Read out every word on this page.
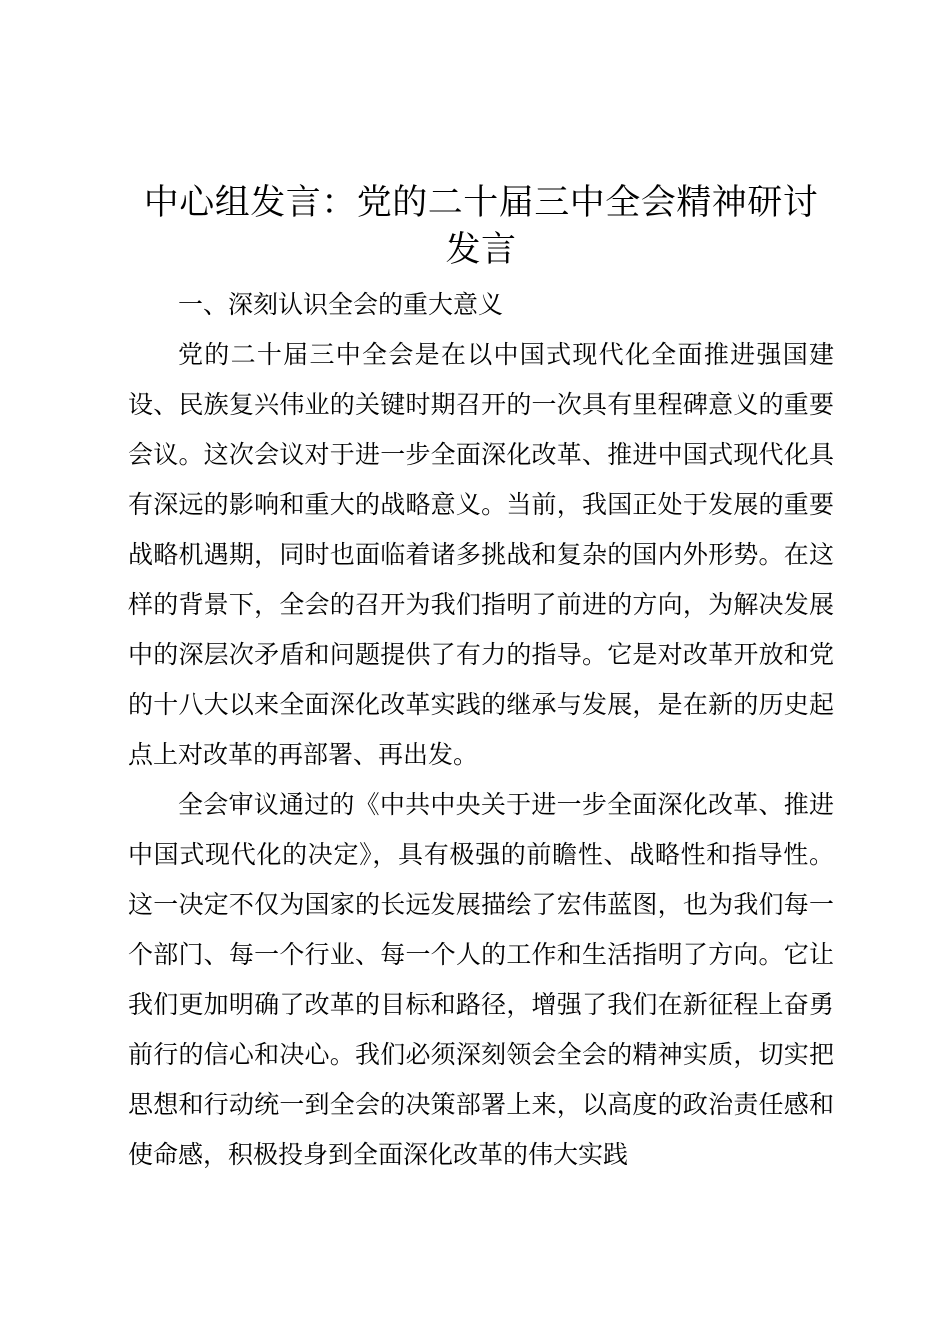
中心组发言：党的二十届三中全会精神研讨发言

一、深刻认识全会的重大意义

党的二十届三中全会是在以中国式现代化全面推进强国建设、民族复兴伟业的关键时期召开的一次具有里程碑意义的重要会议。这次会议对于进一步全面深化改革、推进中国式现代化具有深远的影响和重大的战略意义。当前，我国正处于发展的重要战略机遇期，同时也面临着诸多挑战和复杂的国内外形势。在这样的背景下，全会的召开为我们指明了前进的方向，为解决发展中的深层次矛盾和问题提供了有力的指导。它是对改革开放和党的十八大以来全面深化改革实践的继承与发展，是在新的历史起点上对改革的再部署、再出发。

全会审议通过的《中共中央关于进一步全面深化改革、推进中国式现代化的决定》，具有极强的前瞻性、战略性和指导性。这一决定不仅为国家的长远发展描绘了宏伟蓝图，也为我们每一个部门、每一个行业、每一个人的工作和生活指明了方向。它让我们更加明确了改革的目标和路径，增强了我们在新征程上奋勇前行的信心和决心。我们必须深刻领会全会的精神实质，切实把思想和行动统一到全会的决策部署上来，以高度的政治责任感和使命感，积极投身到全面深化改革的伟大实践
